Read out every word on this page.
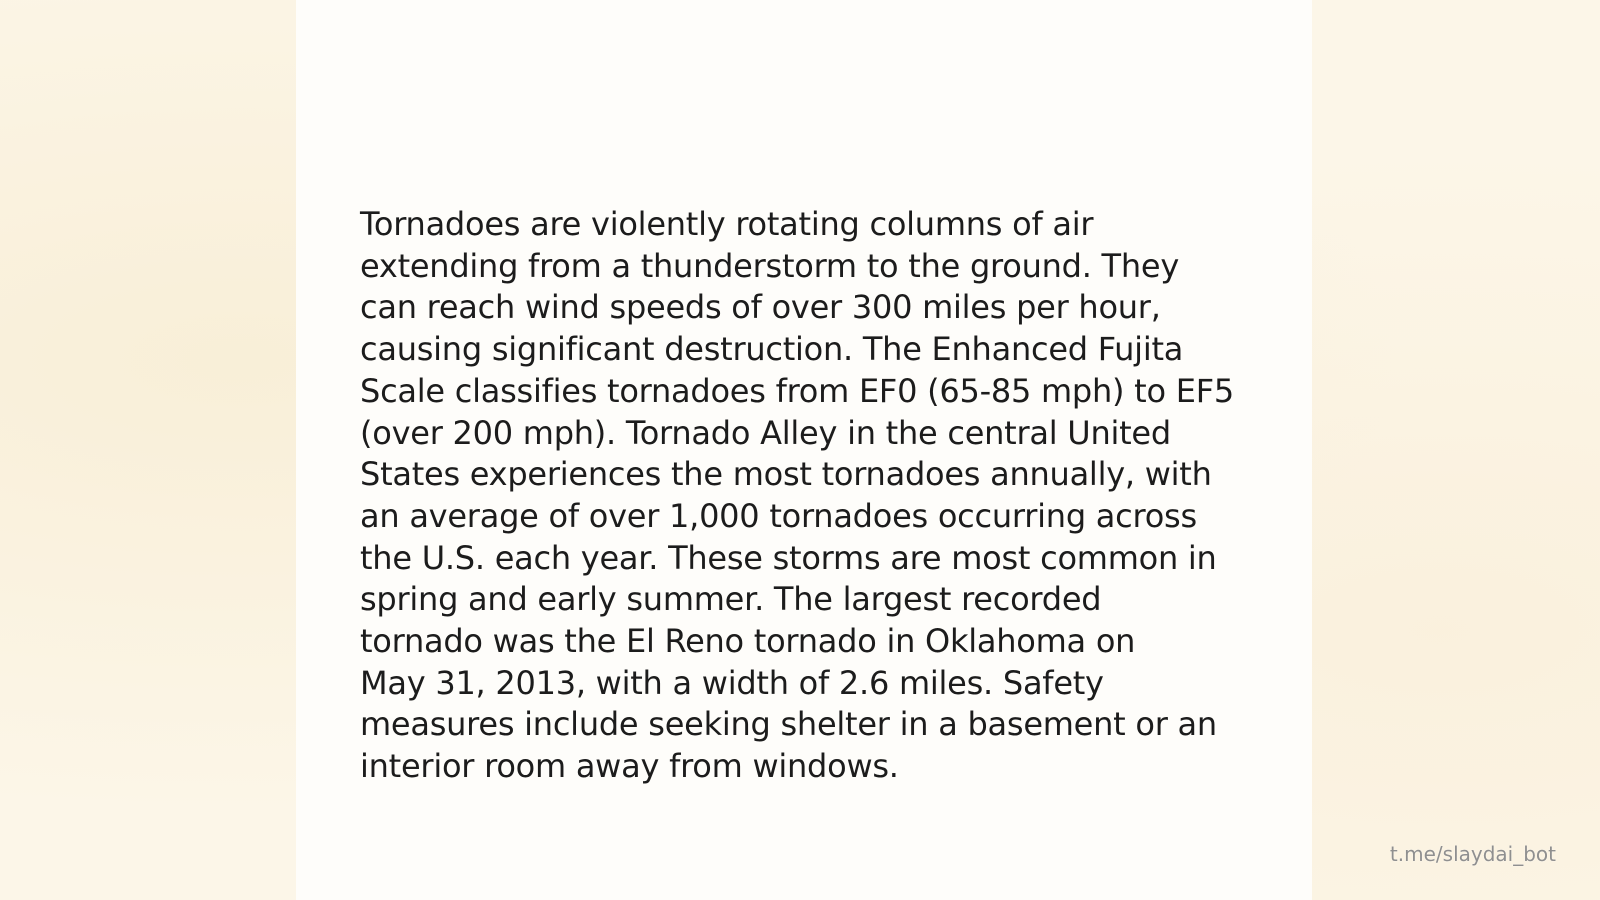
Tornadoes are violently rotating columns of air
extending from a thunderstorm to the ground. They
can reach wind speeds of over 300 miles per hour,
causing significant destruction. The Enhanced Fujita
Scale classifies tornadoes from EF0 (65-85 mph) to EF5
(over 200 mph). Tornado Alley in the central United
States experiences the most tornadoes annually, with
an average of over 1,000 tornadoes occurring across
the U.S. each year. These storms are most common in
spring and early summer. The largest recorded
tornado was the El Reno tornado in Oklahoma on
May 31, 2013, with a width of 2.6 miles. Safety
measures include seeking shelter in a basement or an
interior room away from windows.

t.me/slaydai_bot
